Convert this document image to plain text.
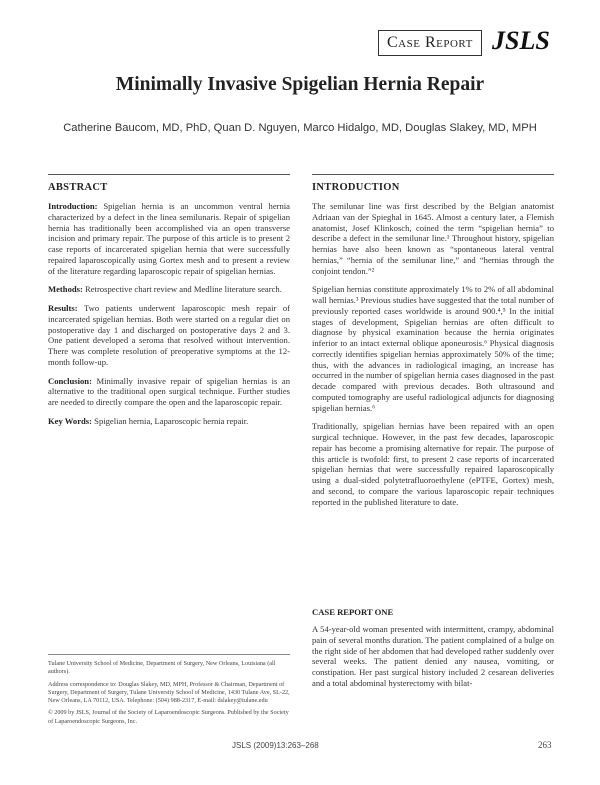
Case Report JSLS
Minimally Invasive Spigelian Hernia Repair
Catherine Baucom, MD, PhD, Quan D. Nguyen, Marco Hidalgo, MD, Douglas Slakey, MD, MPH
ABSTRACT

Introduction: Spigelian hernia is an uncommon ventral hernia characterized by a defect in the linea semilunaris. Repair of spigelian hernia has traditionally been accomplished via an open transverse incision and primary repair. The purpose of this article is to present 2 case reports of incarcerated spigelian hernia that were successfully repaired laparoscopically using Gortex mesh and to present a review of the literature regarding laparoscopic repair of spigelian hernias.

Methods: Retrospective chart review and Medline literature search.

Results: Two patients underwent laparoscopic mesh repair of incarcerated spigelian hernias. Both were started on a regular diet on postoperative day 1 and discharged on postoperative days 2 and 3. One patient developed a seroma that resolved without intervention. There was complete resolution of preoperative symptoms at the 12-month follow-up.

Conclusion: Minimally invasive repair of spigelian hernias is an alternative to the traditional open surgical technique. Further studies are needed to directly compare the open and the laparoscopic repair.

Key Words: Spigelian hernia, Laparoscopic hernia repair.

Tulane University School of Medicine, Department of Surgery, New Orleans, Louisiana (all authors).

Address correspondence to: Douglas Slakey, MD, MPH, Professor & Chairman, Department of Surgery, Department of Surgery, Tulane University School of Medicine, 1430 Tulane Ave, SL-22, New Orleans, LA 70112, USA. Telephone: (504) 988-2317, E-mail: dslakey@tulane.edu

© 2009 by JSLS, Journal of the Society of Laparoendoscopic Surgeons. Published by the Society of Laparoendoscopic Surgeons, Inc.

INTRODUCTION

The semilunar line was first described by the Belgian anatomist Adriaan van der Spieghal in 1645. Almost a century later, a Flemish anatomist, Josef Klinkosch, coined the term “spigelian hernia” to describe a defect in the semilunar line.¹ Throughout history, spigelian hernias have also been known as “spontaneous lateral ventral hernias,” “hernia of the semilunar line,” and “hernias through the conjoint tendon.”²

Spigelian hernias constitute approximately 1% to 2% of all abdominal wall hernias.³ Previous studies have suggested that the total number of previously reported cases worldwide is around 900.⁴,⁵ In the initial stages of development, Spigelian hernias are often difficult to diagnose by physical examination because the hernia originates inferior to an intact external oblique aponeurosis.⁶ Physical diagnosis correctly identifies spigelian hernias approximately 50% of the time; thus, with the advances in radiological imaging, an increase has occurred in the number of spigelian hernia cases diagnosed in the past decade compared with previous decades. Both ultrasound and computed tomography are useful radiological adjuncts for diagnosing spigelian hernias.⁶

Traditionally, spigelian hernias have been repaired with an open surgical technique. However, in the past few decades, laparoscopic repair has become a promising alternative for repair. The purpose of this article is twofold: first, to present 2 case reports of incarcerated spigelian hernias that were successfully repaired laparoscopically using a dual-sided polytetrafluoroethylene (ePTFE, Gortex) mesh, and second, to compare the various laparoscopic repair techniques reported in the published literature to date.

CASE REPORT ONE

A 54-year-old woman presented with intermittent, crampy, abdominal pain of several months duration. The patient complained of a bulge on the right side of her abdomen that had developed rather suddenly over several weeks. The patient denied any nausea, vomiting, or constipation. Her past surgical history included 2 cesarean deliveries and a total abdominal hysterectomy with bilat-

JSLS (2009)13:263–268	263
